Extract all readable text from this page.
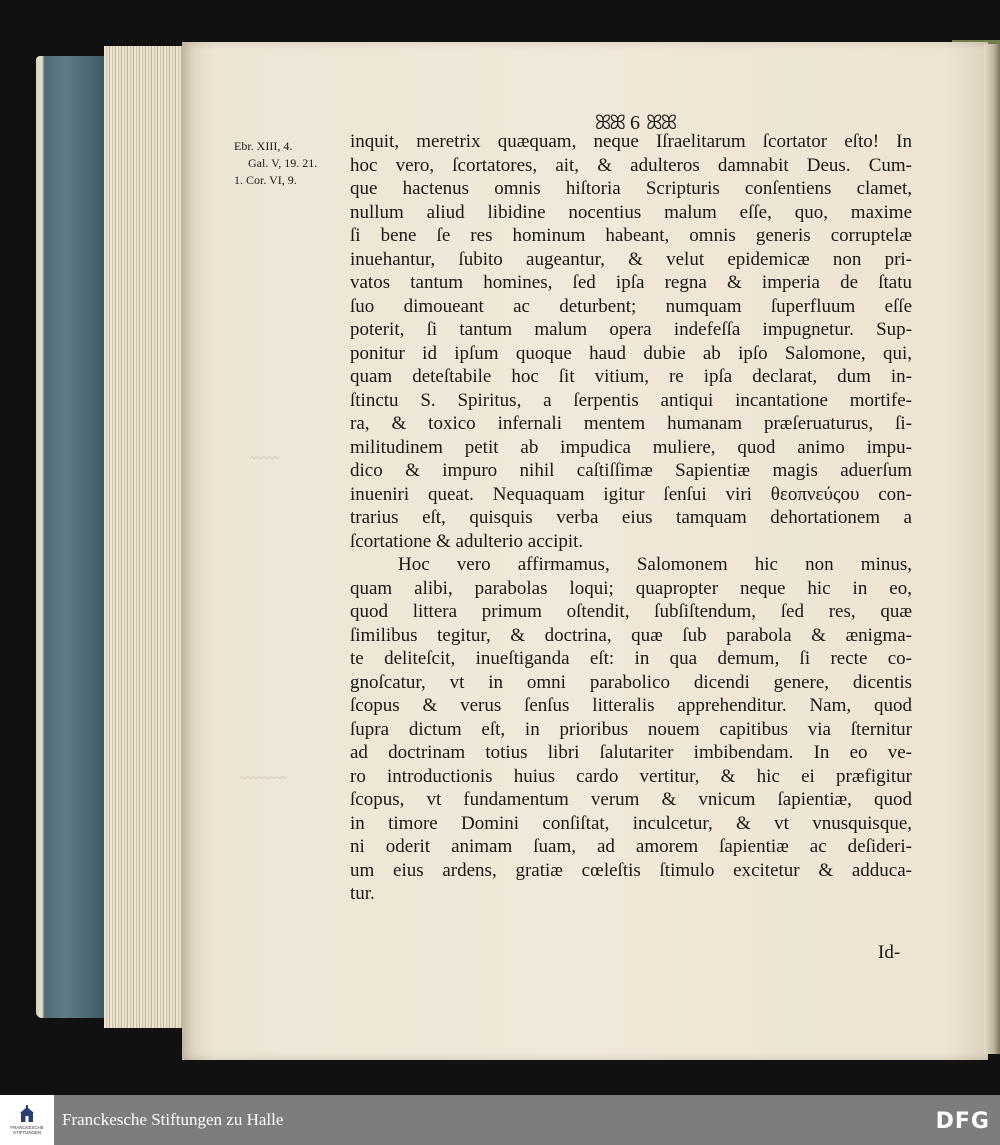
~~~~~
~~~~~~~~
ꕤꕤ 6 ꕤꕤ
Ebr. XIII, 4.
Gal. V, 19. 21.
1. Cor. VI, 9.
inquit, meretrix quæquam, neque Iſraelitarum ſcortator eſto! In
hoc vero, ſcortatores, ait, & adulteros damnabit Deus. Cum-
que hactenus omnis hiſtoria Scripturis conſentiens clamet,
nullum aliud libidine nocentius malum eſſe, quo, maxime
ſi bene ſe res hominum habeant, omnis generis corruptelæ
inuehantur, ſubito augeantur, & velut epidemicæ non pri-
vatos tantum homines, ſed ipſa regna & imperia de ſtatu
ſuo dimoueant ac deturbent; numquam ſuperfluum eſſe
poterit, ſi tantum malum opera indefeſſa impugnetur. Sup-
ponitur id ipſum quoque haud dubie ab ipſo Salomone, qui,
quam deteſtabile hoc ſit vitium, re ipſa declarat, dum in-
ſtinctu S. Spiritus, a ſerpentis antiqui incantatione mortife-
ra, & toxico infernali mentem humanam præſeruaturus, ſi-
militudinem petit ab impudica muliere, quod animo impu-
dico & impuro nihil caſtiſſimæ Sapientiæ magis aduerſum
inueniri queat. Nequaquam igitur ſenſui viri θεοπνεύςου con-
trarius eſt, quisquis verba eius tamquam dehortationem a
ſcortatione & adulterio accipit.
Hoc vero affirmamus, Salomonem hic non minus,
quam alibi, parabolas loqui; quapropter neque hic in eo,
quod littera primum oſtendit, ſubſiſtendum, ſed res, quæ
ſimilibus tegitur, & doctrina, quæ ſub parabola & ænigma-
te deliteſcit, inueſtiganda eſt: in qua demum, ſi recte co-
gnoſcatur, vt in omni parabolico dicendi genere, dicentis
ſcopus & verus ſenſus litteralis apprehenditur. Nam, quod
ſupra dictum eſt, in prioribus nouem capitibus via ſternitur
ad doctrinam totius libri ſalutariter imbibendam. In eo ve-
ro introductionis huius cardo vertitur, & hic ei præfigitur
ſcopus, vt fundamentum verum & vnicum ſapientiæ, quod
in timore Domini conſiſtat, inculcetur, & vt vnusquisque,
ni oderit animam ſuam, ad amorem ſapientiæ ac deſideri-
um eius ardens, gratiæ cœleſtis ſtimulo excitetur & adduca-
tur.
Id-
FRANCKESCHE
STIFTUNGEN
Franckesche Stiftungen zu Halle	DFG
